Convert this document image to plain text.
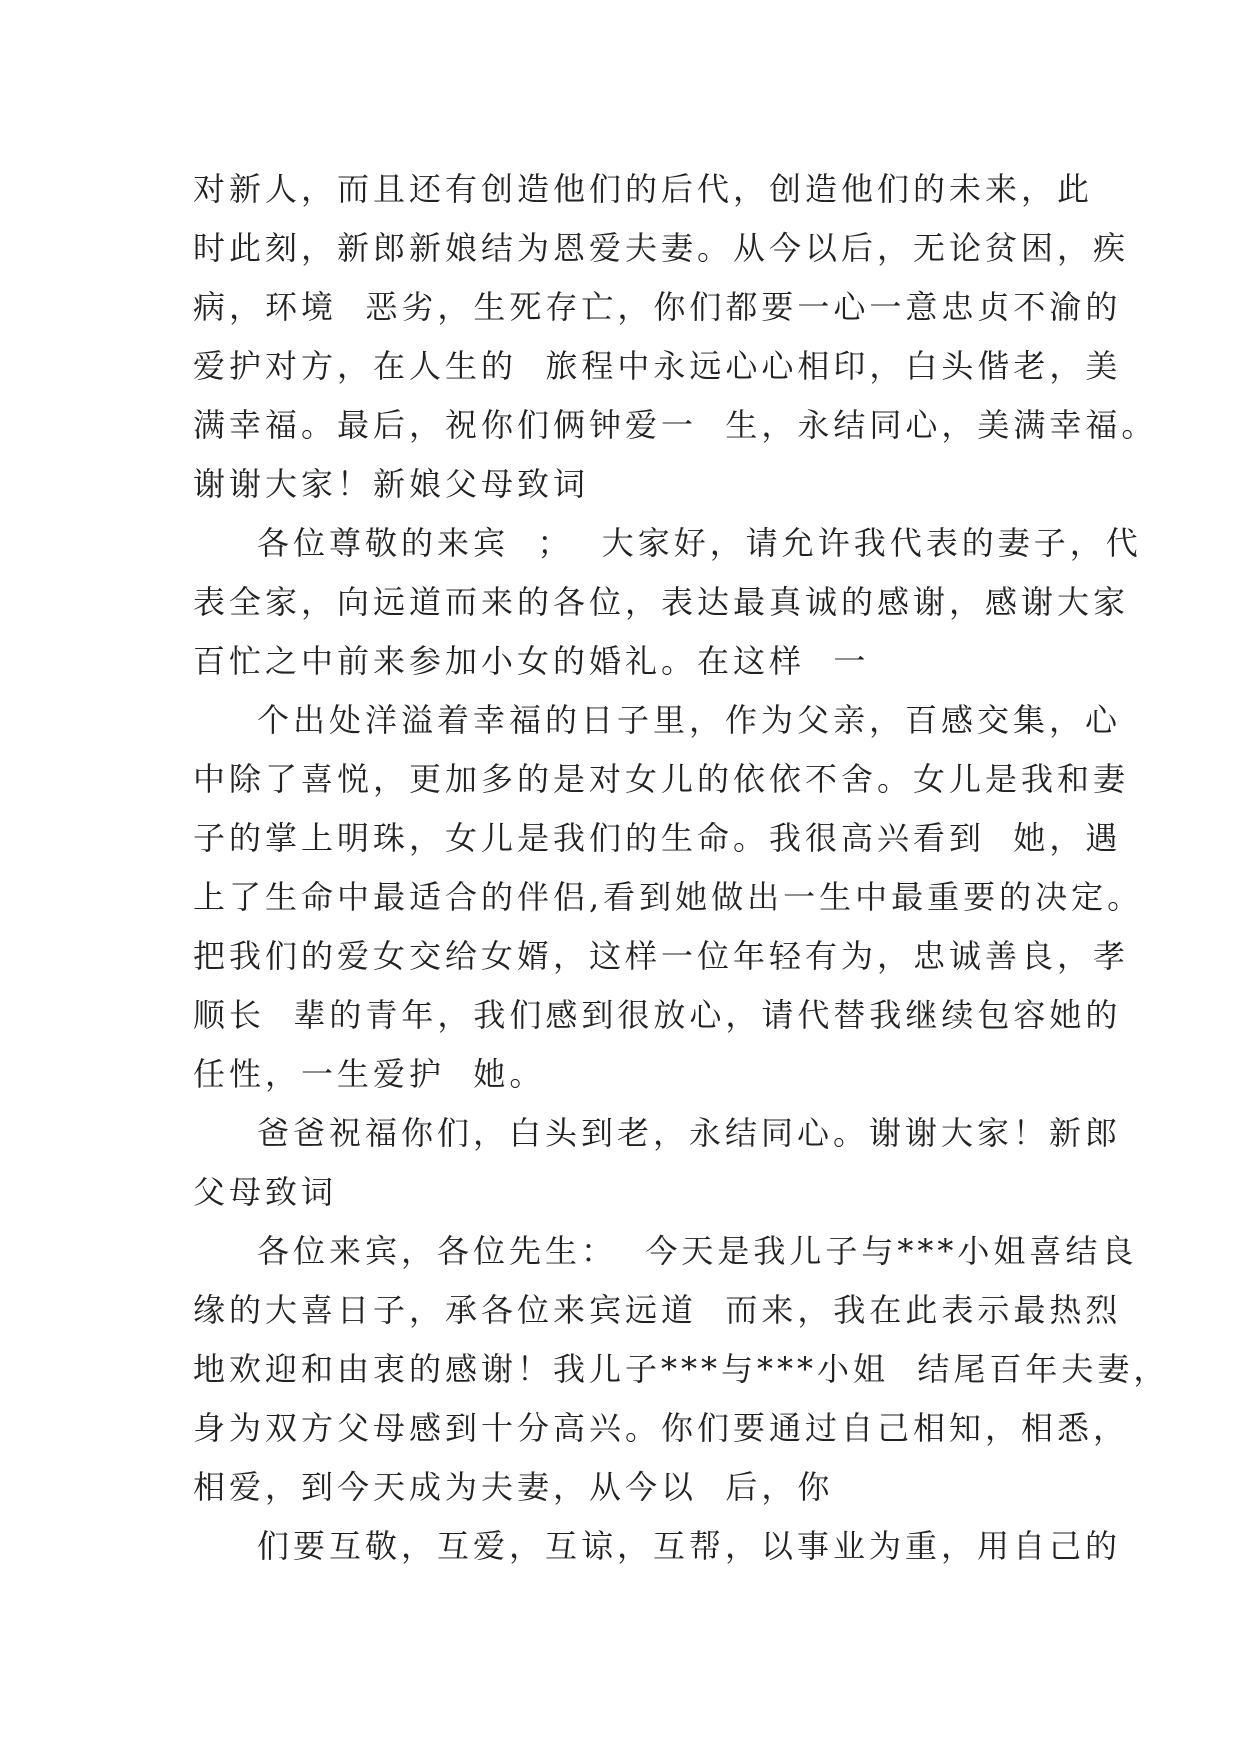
对新人，而且还有创造他们的后代，创造他们的未来，此
时此刻，新郎新娘结为恩爱夫妻。从今以后，无论贫困，疾
病，环境  恶劣，生死存亡，你们都要一心一意忠贞不渝的
爱护对方，在人生的  旅程中永远心心相印，白头偕老，美
满幸福。最后，祝你们俩钟爱一  生，永结同心，美满幸福。
谢谢大家！新娘父母致词
各位尊敬的来宾  ；  大家好，请允许我代表的妻子，代
表全家，向远道而来的各位，表达最真诚的感谢，感谢大家
百忙之中前来参加小女的婚礼。在这样  一
个出处洋溢着幸福的日子里，作为父亲，百感交集，心
中除了喜悦，更加多的是对女儿的依依不舍。女儿是我和妻
子的掌上明珠，女儿是我们的生命。我很高兴看到  她，遇
上了生命中最适合的伴侣,看到她做出一生中最重要的决定。
把我们的爱女交给女婿，这样一位年轻有为，忠诚善良，孝
顺长  辈的青年，我们感到很放心，请代替我继续包容她的
任性，一生爱护  她。
爸爸祝福你们，白头到老，永结同心。谢谢大家！新郎
父母致词
各位来宾，各位先生：  今天是我儿子与***小姐喜结良
缘的大喜日子，承各位来宾远道  而来，我在此表示最热烈
地欢迎和由衷的感谢！我儿子***与***小姐  结尾百年夫妻，
身为双方父母感到十分高兴。你们要通过自己相知，相悉，
相爱，到今天成为夫妻，从今以  后，你
们要互敬，互爱，互谅，互帮，以事业为重，用自己的
